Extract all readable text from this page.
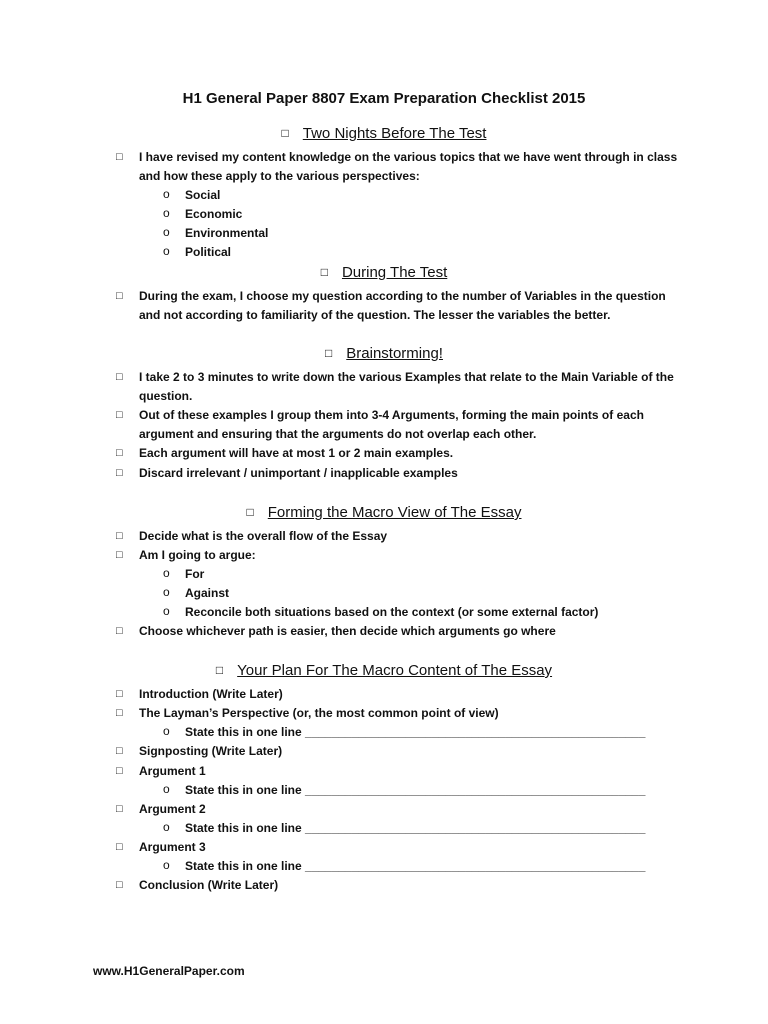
H1 General Paper 8807 Exam Preparation Checklist 2015
□ Two Nights Before The Test
□ I have revised my content knowledge on the various topics that we have went through in class and how these apply to the various perspectives:
o Social
o Economic
o Environmental
o Political
□ During The Test
□ During the exam, I choose my question according to the number of Variables in the question and not according to familiarity of the question. The lesser the variables the better.
□ Brainstorming!
□ I take 2 to 3 minutes to write down the various Examples that relate to the Main Variable of the question.
□ Out of these examples I group them into 3-4 Arguments, forming the main points of each argument and ensuring that the arguments do not overlap each other.
□ Each argument will have at most 1 or 2 main examples.
□ Discard irrelevant / unimportant / inapplicable examples
□ Forming the Macro View of The Essay
□ Decide what is the overall flow of the Essay
□ Am I going to argue:
o For
o Against
o Reconcile both situations based on the context (or some external factor)
□ Choose whichever path is easier, then decide which arguments go where
□ Your Plan For The Macro Content of The Essay
□ Introduction (Write Later)
□ The Layman’s Perspective (or, the most common point of view)
o State this in one line ___________________________________________________
□ Signposting (Write Later)
□ Argument 1
o State this in one line ___________________________________________________
□ Argument 2
o State this in one line ___________________________________________________
□ Argument 3
o State this in one line ___________________________________________________
□ Conclusion (Write Later)
www.H1GeneralPaper.com
